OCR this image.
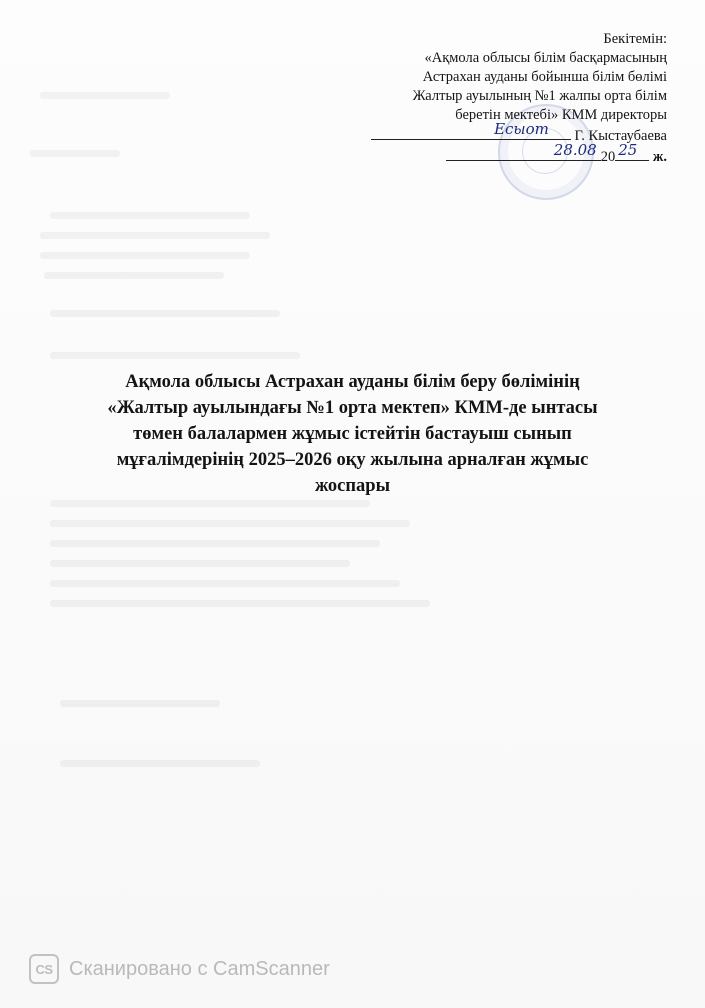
Бекітемін:
«Ақмола облысы білім басқармасының
Астрахан ауданы бойынша білім бөлімі
Жалтыр ауылының №1 жалпы орта білім
беретін мектебі» КММ директоры
Есыот Г. Кыстаубаева
28.08 20 25 ж.
Ақмола облысы Астрахан ауданы білім беру бөлімінің
«Жалтыр ауылындағы №1 орта мектеп» КММ-де ынтасы
төмен балалармен жұмыс істейтін бастауыш сынып
мұғалімдерінің 2025–2026 оқу жылына арналған жұмыс
жоспары
CS Сканировано с CamScanner
